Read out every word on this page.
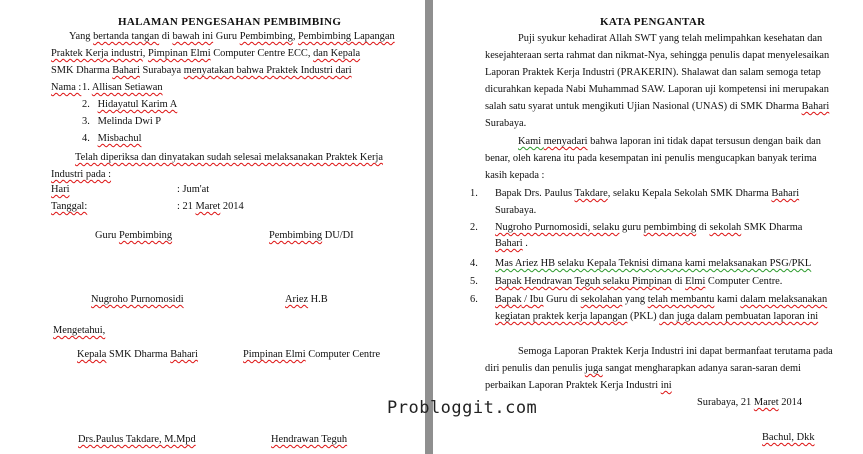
HALAMAN PENGESAHAN PEMBIMBING
Yang bertanda tangan di bawah ini Guru Pembimbing, Pembimbing Lapangan
Praktek Kerja industri, Pimpinan Elmi Computer Centre ECC, dan Kepala
SMK Dharma Bahari Surabaya menyatakan bahwa Praktek Industri dari
Nama : 1. Allisan Setiawan
2. Hidayatul Karim A
3. Melinda Dwi P
4. Misbachul
Telah diperiksa dan dinyatakan sudah selesai melaksanakan Praktek Kerja
Industri pada :
Hari	: Jum'at
Tanggal:	: 21 Maret 2014
Guru Pembimbing	Pembimbing DU/DI
Nugroho Purnomosidi	Ariez H.B
Mengetahui,
Kepala SMK Dharma Bahari	Pimpinan Elmi Computer Centre
Drs.Paulus Takdare, M.Mpd	Hendrawan Teguh
KATA PENGANTAR
Puji syukur kehadirat Allah SWT yang telah melimpahkan kesehatan dan
kesejahteraan serta rahmat dan nikmat-Nya, sehingga penulis dapat menyelesaikan
Laporan Praktek Kerja Industri (PRAKERIN). Shalawat dan salam semoga tetap
dicurahkan kepada Nabi Muhammad SAW. Laporan uji kompetensi ini merupakan
salah satu syarat untuk mengikuti Ujian Nasional (UNAS) di SMK Dharma Bahari
Surabaya.
Kami menyadari bahwa laporan ini tidak dapat tersusun dengan baik dan
benar, oleh karena itu pada kesempatan ini penulis mengucapkan banyak terima
kasih kepada :
1. Bapak Drs. Paulus Takdare, selaku Kepala Sekolah SMK Dharma Bahari
Surabaya.
2. Nugroho Purnomosidi, selaku guru pembimbing di sekolah SMK Dharma
Bahari .
4. Mas Ariez HB selaku Kepala Teknisi dimana kami melaksanakan PSG/PKL
5. Bapak Hendrawan Teguh selaku Pimpinan di Elmi Computer Centre.
6. Bapak / Ibu Guru di sekolahan yang telah membantu kami dalam melaksanakan
kegiatan praktek kerja lapangan (PKL) dan juga dalam pembuatan laporan ini
Semoga Laporan Praktek Kerja Industri ini dapat bermanfaat terutama pada
diri penulis dan penulis juga sangat mengharapkan adanya saran-saran demi
perbaikan Laporan Praktek Kerja Industri ini
Surabaya, 21 Maret 2014
Bachul, Dkk
Probloggit.com
